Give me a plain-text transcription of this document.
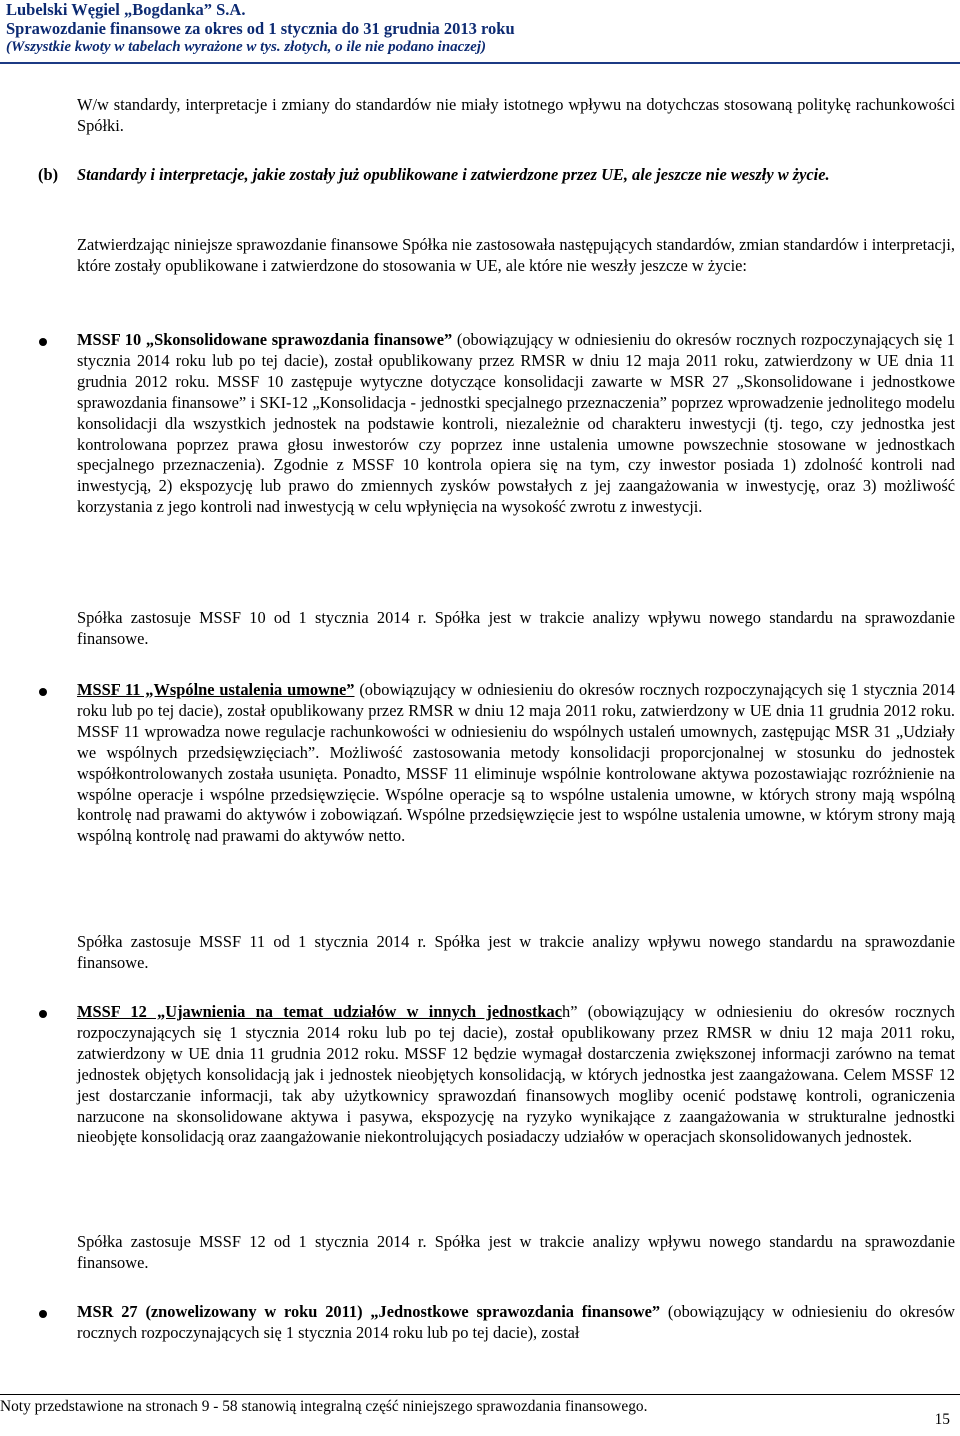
Lubelski Węgiel „Bogdanka” S.A.
Sprawozdanie finansowe za okres od 1 stycznia do 31 grudnia 2013 roku
(Wszystkie kwoty w tabelach wyrażone w tys. złotych, o ile nie podano inaczej)
W/w standardy, interpretacje i zmiany do standardów nie miały istotnego wpływu na dotychczas stosowaną politykę rachunkowości Spółki.
(b) Standardy i interpretacje, jakie zostały już opublikowane i zatwierdzone przez UE, ale jeszcze nie weszły w życie.
Zatwierdzając niniejsze sprawozdanie finansowe Spółka nie zastosowała następujących standardów, zmian standardów i interpretacji, które zostały opublikowane i zatwierdzone do stosowania w UE, ale które nie weszły jeszcze w życie:
MSSF 10 „Skonsolidowane sprawozdania finansowe” (obowiązujący w odniesieniu do okresów rocznych rozpoczynających się 1 stycznia 2014 roku lub po tej dacie), został opublikowany przez RMSR w dniu 12 maja 2011 roku, zatwierdzony w UE dnia 11 grudnia 2012 roku. MSSF 10 zastępuje wytyczne dotyczące konsolidacji zawarte w MSR 27 „Skonsolidowane i jednostkowe sprawozdania finansowe” i SKI-12 „Konsolidacja - jednostki specjalnego przeznaczenia” poprzez wprowadzenie jednolitego modelu konsolidacji dla wszystkich jednostek na podstawie kontroli, niezależnie od charakteru inwestycji (tj. tego, czy jednostka jest kontrolowana poprzez prawa głosu inwestorów czy poprzez inne ustalenia umowne powszechnie stosowane w jednostkach specjalnego przeznaczenia). Zgodnie z MSSF 10 kontrola opiera się na tym, czy inwestor posiada 1) zdolność kontroli nad inwestycją, 2) ekspozycję lub prawo do zmiennych zysków powstałych z jej zaangażowania w inwestycję, oraz 3) możliwość korzystania z jego kontroli nad inwestycją w celu wpłynięcia na wysokość zwrotu z inwestycji.
Spółka zastosuje MSSF 10 od 1 stycznia 2014 r. Spółka jest w trakcie analizy wpływu nowego standardu na sprawozdanie finansowe.
MSSF 11 „Wspólne ustalenia umowne” (obowiązujący w odniesieniu do okresów rocznych rozpoczynających się 1 stycznia 2014 roku lub po tej dacie), został opublikowany przez RMSR w dniu 12 maja 2011 roku, zatwierdzony w UE dnia 11 grudnia 2012 roku. MSSF 11 wprowadza nowe regulacje rachunkowości w odniesieniu do wspólnych ustaleń umownych, zastępując MSR 31 „Udziały we wspólnych przedsięwzięciach”. Możliwość zastosowania metody konsolidacji proporcjonalnej w stosunku do jednostek współkontrolowanych została usunięta. Ponadto, MSSF 11 eliminuje wspólnie kontrolowane aktywa pozostawiając rozróżnienie na wspólne operacje i wspólne przedsięwzięcie. Wspólne operacje są to wspólne ustalenia umowne, w których strony mają wspólną kontrolę nad prawami do aktywów i zobowiązań. Wspólne przedsięwzięcie jest to wspólne ustalenia umowne, w którym strony mają wspólną kontrolę nad prawami do aktywów netto.
Spółka zastosuje MSSF 11 od 1 stycznia 2014 r. Spółka jest w trakcie analizy wpływu nowego standardu na sprawozdanie finansowe.
MSSF 12 „Ujawnienia na temat udziałów w innych jednostkach” (obowiązujący w odniesieniu do okresów rocznych rozpoczynających się 1 stycznia 2014 roku lub po tej dacie), został opublikowany przez RMSR w dniu 12 maja 2011 roku, zatwierdzony w UE dnia 11 grudnia 2012 roku. MSSF 12 będzie wymagał dostarczenia zwiększonej informacji zarówno na temat jednostek objętych konsolidacją jak i jednostek nieobjętych konsolidacją, w których jednostka jest zaangażowana. Celem MSSF 12 jest dostarczanie informacji, tak aby użytkownicy sprawozdań finansowych mogliby ocenić podstawę kontroli, ograniczenia narzucone na skonsolidowane aktywa i pasywa, ekspozycję na ryzyko wynikające z zaangażowania w strukturalne jednostki nieobjęte konsolidacją oraz zaangażowanie niekontrolujących posiadaczy udziałów w operacjach skonsolidowanych jednostek.
Spółka zastosuje MSSF 12 od 1 stycznia 2014 r. Spółka jest w trakcie analizy wpływu nowego standardu na sprawozdanie finansowe.
MSR 27 (znowelizowany w roku 2011) „Jednostkowe sprawozdania finansowe” (obowiązujący w odniesieniu do okresów rocznych rozpoczynających się 1 stycznia 2014 roku lub po tej dacie), został
Noty przedstawione na stronach 9 - 58 stanowią integralną część niniejszego sprawozdania finansowego.
15
